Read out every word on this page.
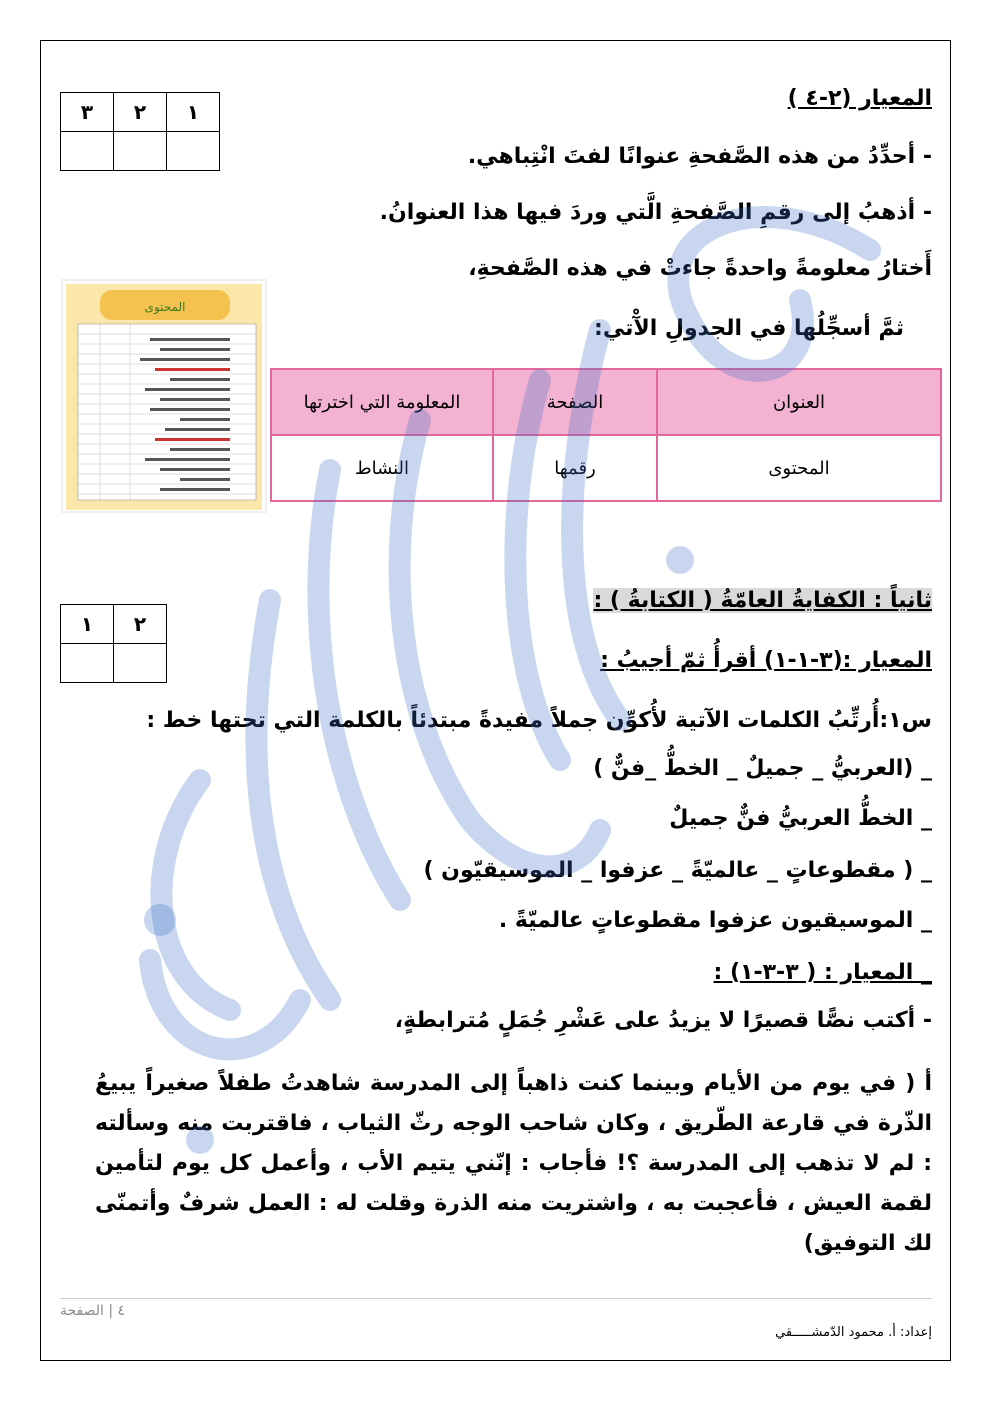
المعيار (٢-٤ )
١	٢	٣

- أحدِّدُ من هذه الصَّفحةِ عنوانًا لفتَ انْتِباهي.
- أذهبُ إلى رقمِ الصَّفحةِ الَّتي وردَ فيها هذا العنوانُ.
أَختارُ معلومةً واحدةً جاءتْ في هذه الصَّفحةِ،
ثمَّ أسجِّلُها في الجدولِ الآْتي:
المحتوى
العنوان	الصفحة	المعلومة التي اخترتها
المحتوى	رقمها	النشاط
ثانياً : الكفايةُ العامّةُ ( الكتابةُ ) :
٢	١

المعيار :(٣-١-١) أقرأُ ثمّ أجيبُ :
س١:أُرتِّبُ الكلمات الآتية لأُكوِّن جملاً مفيدةً مبتدئاً بالكلمة التي تحتها خط :
_ (العربيُّ _ جميلٌ _ الخطُّ _فنٌّ )
_ الخطُّ العربيُّ فنٌّ جميلٌ
_ ( مقطوعاتٍ _ عالميّةً _ عزفوا _ الموسيقيّون )
_ الموسيقيون عزفوا مقطوعاتٍ عالميّةً .
_ المعيار : ( ٣-٣-١) :
- أكتب نصًّا قصيرًا لا يزيدُ على عَشْرِ جُمَلٍ مُترابطةٍ،
أ ( في يوم من الأيام وبينما كنت ذاهباً إلى المدرسة شاهدتُ طفلاً صغيراً يبيعُ الذّرة في قارعة الطّريق ، وكان شاحب الوجه رثّ الثياب ، فاقتربت منه وسألته : لم لا تذهب إلى المدرسة ؟! فأجاب : إنّني يتيم الأب ، وأعمل كل يوم لتأمين لقمة العيش ، فأعجبت به ، واشتريت منه الذرة وقلت له : العمل شرفٌ وأتمنّى لك التوفيق)
٤ | الصفحة
إعداد: أ. محمود الدّمشـــــقي
